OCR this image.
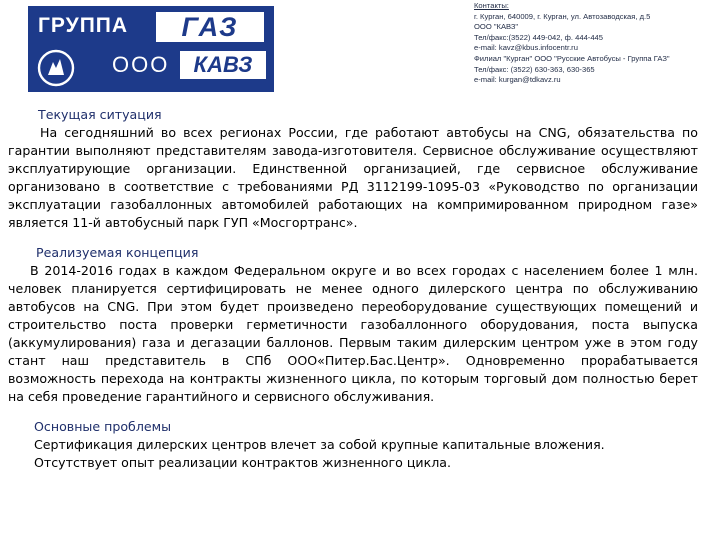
ГРУППА	ГАЗ
ООО	КАВЗ
Контакты:
г. Курган, 640009, г. Курган, ул. Автозаводская, д.5
ООО "КАВЗ"
Тел/факс:(3522) 449-042, ф. 444-445
e-mail: kavz@kbus.infocentr.ru
Филиал "Курган" ООО "Русские Автобусы - Группа ГАЗ"
Тел/факс: (3522) 630-363, 630-365
e-mail: kurgan@tdkavz.ru
Текущая ситуация

На сегодняшний во всех регионах России, где работают автобусы на CNG, обязательства по гарантии выполняют представителям завода-изготовителя. Сервисное обслуживание осуществляют эксплуатирующие организации. Единственной организацией, где сервисное обслуживание организовано в соответствие с требованиями РД 3112199-1095-03 «Руководство по организации эксплуатации газобаллонных автомобилей работающих на компримированном природном газе» является 11-й автобусный парк ГУП «Мосгортранс».

Реализуемая концепция

В 2014-2016 годах в каждом Федеральном округе и во всех городах с населением более 1 млн. человек планируется сертифицировать не менее одного дилерского центра по обслуживанию автобусов на CNG. При этом будет произведено переоборудование существующих помещений и строительство поста проверки герметичности газобаллонного оборудования, поста выпуска (аккумулирования) газа и дегазации баллонов. Первым таким дилерским центром уже в этом году стант наш представитель в СПб ООО«Питер.Бас.Центр». Одновременно прорабатывается возможность перехода на контракты жизненного цикла, по которым торговый дом полностью берет на себя проведение гарантийного и сервисного обслуживания.

Основные проблемы
Сертификация дилерских центров влечет за собой крупные капитальные вложения.
Отсутствует опыт реализации контрактов жизненного цикла.
